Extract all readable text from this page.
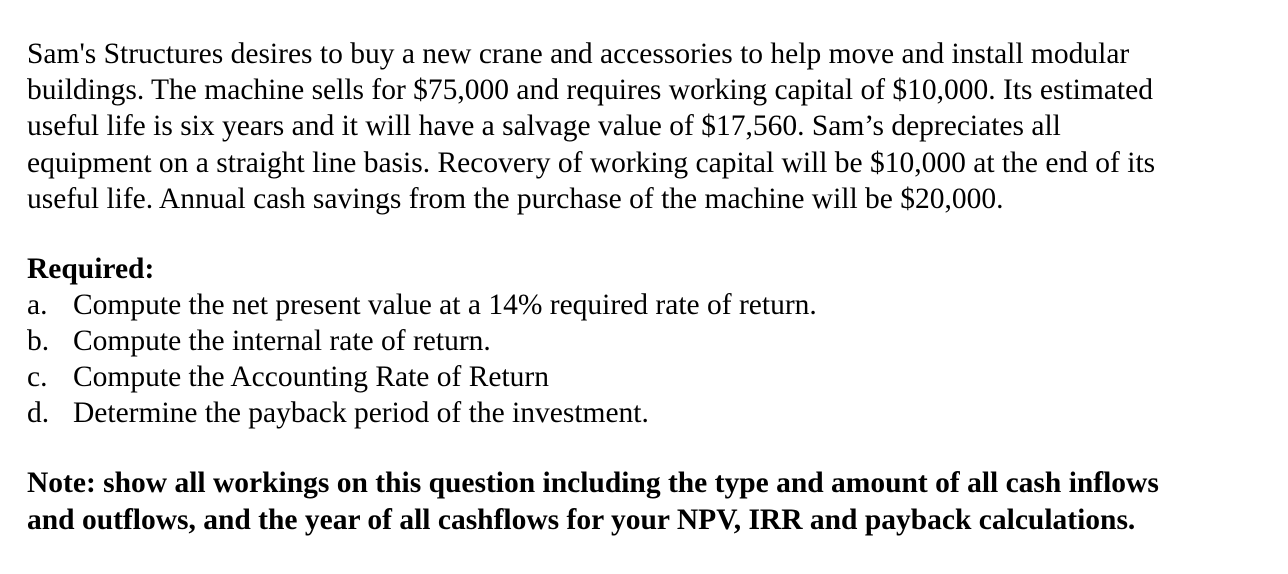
Sam's Structures desires to buy a new crane and accessories to help move and install modular
buildings. The machine sells for $75,000 and requires working capital of $10,000. Its estimated
useful life is six years and it will have a salvage value of $17,560. Sam’s depreciates all
equipment on a straight line basis. Recovery of working capital will be $10,000 at the end of its
useful life. Annual cash savings from the purchase of the machine will be $20,000.

Required:

a. Compute the net present value at a 14% required rate of return.
b. Compute the internal rate of return.
c. Compute the Accounting Rate of Return
d. Determine the payback period of the investment.

Note: show all workings on this question including the type and amount of all cash inflows
and outflows, and the year of all cashflows for your NPV, IRR and payback calculations.
